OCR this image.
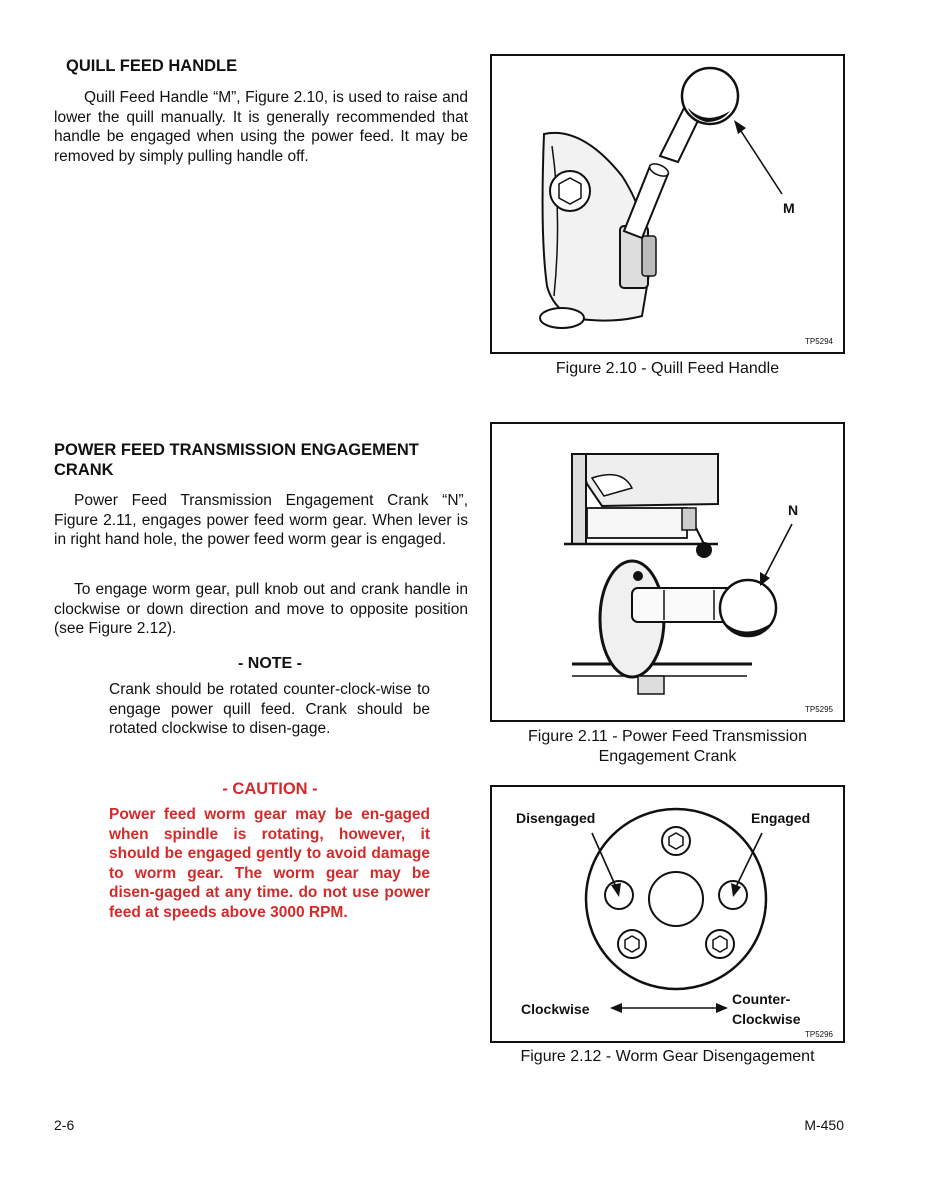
QUILL FEED HANDLE
Quill Feed Handle “M”, Figure 2.10, is used to raise and lower the quill manually. It is generally recommended that handle be engaged when using the power feed. It may be removed by simply pulling handle off.
POWER FEED TRANSMISSION ENGAGEMENT CRANK
Power Feed Transmission Engagement Crank “N”, Figure 2.11, engages power feed worm gear. When lever is in right hand hole, the power feed worm gear is engaged.
To engage worm gear, pull knob out and crank handle in clockwise or down direction and move to opposite position (see Figure 2.12).
- NOTE -
Crank should be rotated counter-clock-wise to engage power quill feed. Crank should be rotated clockwise to disen-gage.
- CAUTION -
Power feed worm gear may be en-gaged when spindle is rotating, however, it should be engaged gently to avoid damage to worm gear. The worm gear may be disen-gaged at any time. do not use power feed at speeds above 3000 RPM.
M
TP5294
Figure 2.10 - Quill Feed Handle
N
TP5295
Figure 2.11 - Power Feed Transmission
Engagement Crank
Disengaged	Engaged
Clockwise
Counter-
Clockwise
TP5296
Figure 2.12 - Worm Gear Disengagement
2-6	M-450
